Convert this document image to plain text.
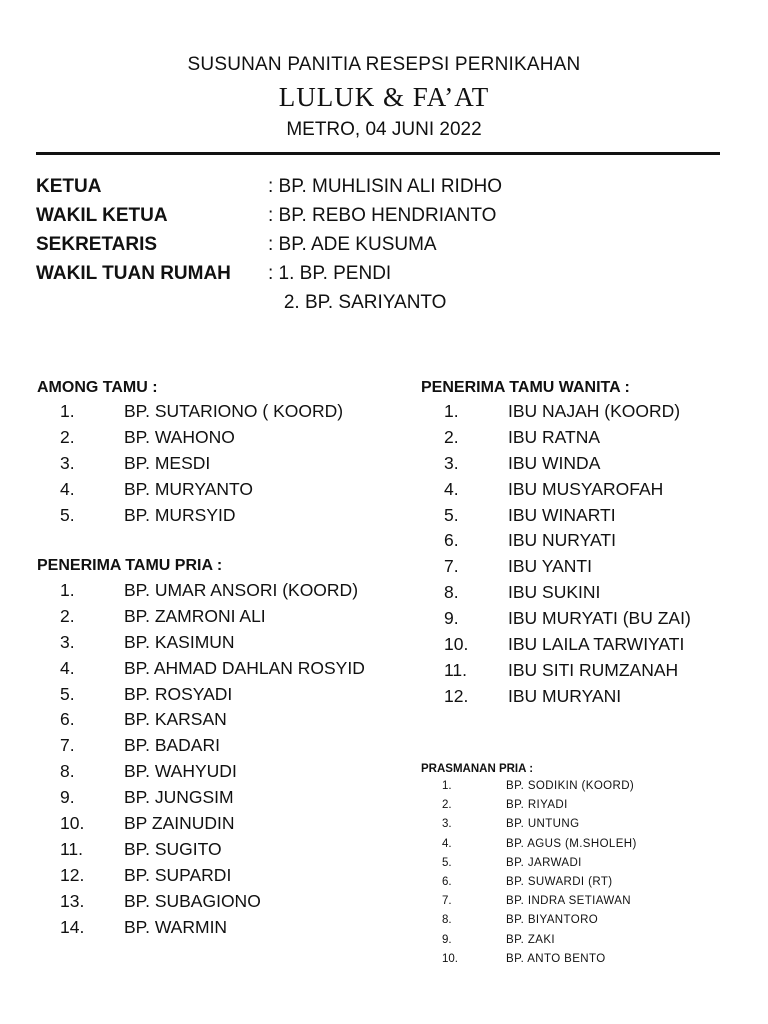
SUSUNAN PANITIA RESEPSI PERNIKAHAN
LULUK & FA’AT
METRO, 04 JUNI 2022
KETUA	: BP. MUHLISIN ALI RIDHO
WAKIL KETUA	: BP. REBO HENDRIANTO
SEKRETARIS	: BP. ADE KUSUMA
WAKIL TUAN RUMAH : 1. BP. PENDI
2. BP. SARIYANTO
AMONG TAMU :
1.	BP. SUTARIONO ( KOORD)
2.	BP. WAHONO
3.	BP. MESDI
4.	BP. MURYANTO
5.	BP. MURSYID
PENERIMA TAMU PRIA :
1.	BP. UMAR ANSORI (KOORD)
2.	BP. ZAMRONI ALI
3.	BP. KASIMUN
4.	BP. AHMAD DAHLAN ROSYID
5.	BP. ROSYADI
6.	BP. KARSAN
7.	BP. BADARI
8.	BP. WAHYUDI
9.	BP. JUNGSIM
10.	BP ZAINUDIN
11.	BP. SUGITO
12.	BP. SUPARDI
13.	BP. SUBAGIONO
14.	BP. WARMIN
PENERIMA TAMU WANITA :
1.	IBU NAJAH (KOORD)
2.	IBU RATNA
3.	IBU WINDA
4.	IBU MUSYAROFAH
5.	IBU WINARTI
6.	IBU NURYATI
7.	IBU YANTI
8.	IBU SUKINI
9.	IBU MURYATI (BU ZAI)
10.	IBU LAILA TARWIYATI
11.	IBU SITI RUMZANAH
12.	IBU MURYANI
PRASMANAN PRIA :
1.	BP. SODIKIN (KOORD)
2.	BP. RIYADI
3.	BP. UNTUNG
4.	BP. AGUS (M.SHOLEH)
5.	BP. JARWADI
6.	BP. SUWARDI (RT)
7.	BP. INDRA SETIAWAN
8.	BP. BIYANTORO
9.	BP. ZAKI
10.	BP. ANTO BENTO
